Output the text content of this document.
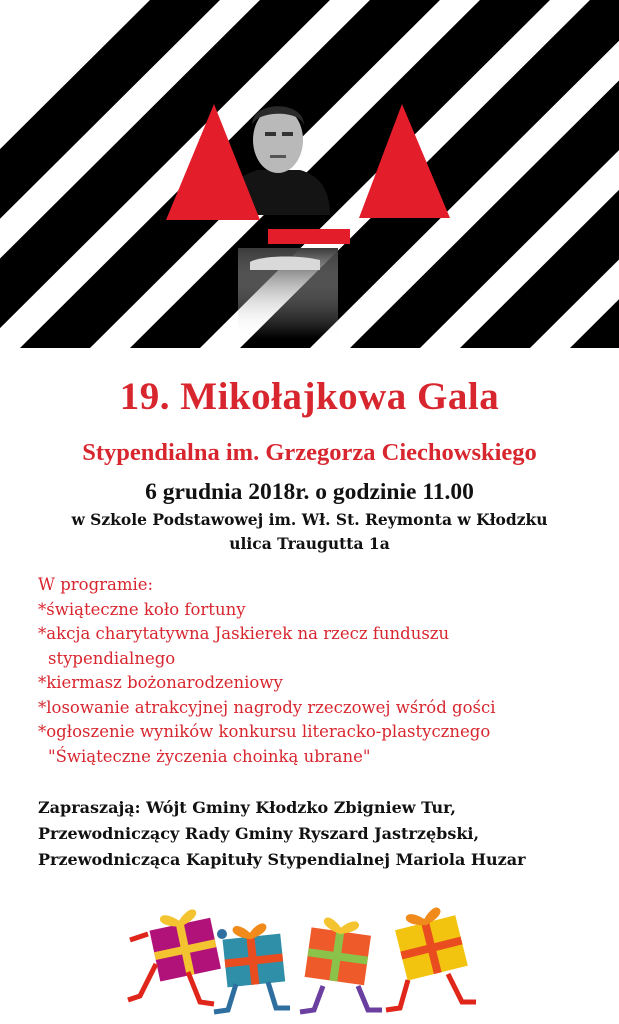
19. Mikołajkowa Gala
Stypendialna im. Grzegorza Ciechowskiego

6 grudnia 2018r. o godzinie 11.00

w Szkole Podstawowej im. Wł. St. Reymonta w Kłodzku

ulica Traugutta 1a

W programie:
*świąteczne koło fortuny
*akcja charytatywna Jaskierek na rzecz funduszu
stypendialnego
*kiermasz bożonarodzeniowy
*losowanie atrakcyjnej nagrody rzeczowej wśród gości
*ogłoszenie wyników konkursu literacko-plastycznego
"Świąteczne życzenia choinką ubrane"
Zapraszają: Wójt Gminy Kłodzko Zbigniew Tur,
Przewodniczący Rady Gminy Ryszard Jastrzębski,
Przewodnicząca Kapituły Stypendialnej Mariola Huzar
